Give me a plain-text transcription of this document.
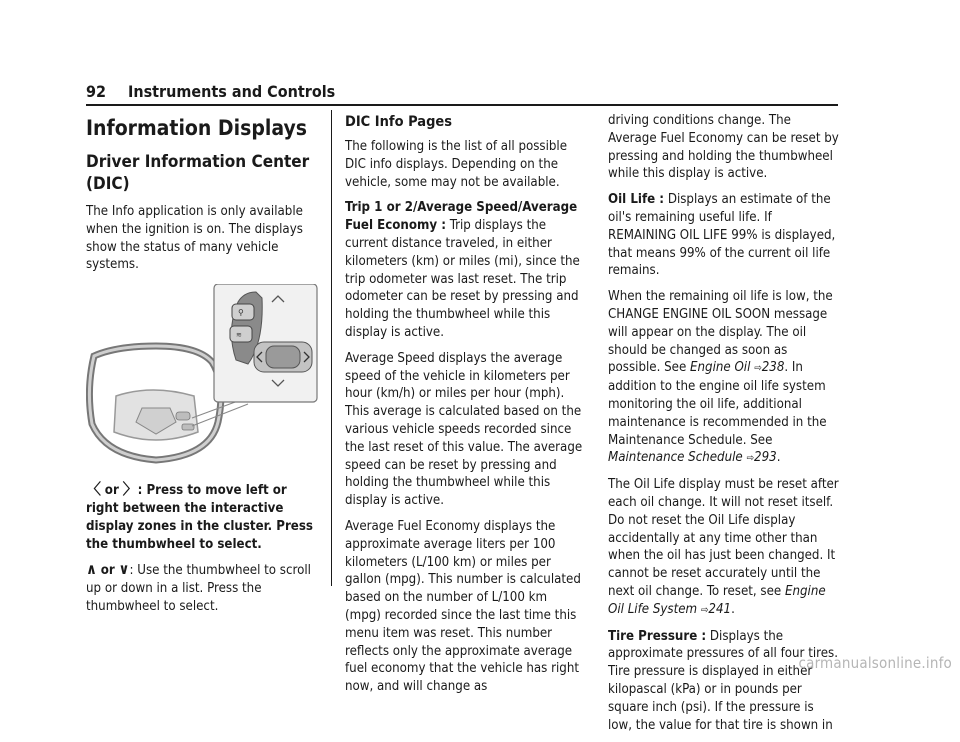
92 Instruments and Controls
Information Displays
Driver Information Center (DIC)

The Info application is only available when the ignition is on. The displays show the status of many vehicle systems.

⚲
≋

〈 or 〉: Press to move left or right between the interactive display zones in the cluster. Press the thumbwheel to select.

∧ or ∨: Use the thumbwheel to scroll up or down in a list. Press the thumbwheel to select.

DIC Info Pages

The following is the list of all possible DIC info displays. Depending on the vehicle, some may not be available.

Trip 1 or 2/Average Speed/Average Fuel Economy : Trip displays the current distance traveled, in either kilometers (km) or miles (mi), since the trip odometer was last reset. The trip odometer can be reset by pressing and holding the thumbwheel while this display is active.

Average Speed displays the average speed of the vehicle in kilometers per hour (km/h) or miles per hour (mph). This average is calculated based on the various vehicle speeds recorded since the last reset of this value. The average speed can be reset by pressing and holding the thumbwheel while this display is active.

Average Fuel Economy displays the approximate average liters per 100 kilometers (L/100 km) or miles per gallon (mpg). This number is calculated based on the number of L/100 km (mpg) recorded since the last time this menu item was reset. This number reflects only the approximate average fuel economy that the vehicle has right now, and will change as

driving conditions change. The Average Fuel Economy can be reset by pressing and holding the thumbwheel while this display is active.

Oil Life : Displays an estimate of the oil's remaining useful life. If REMAINING OIL LIFE 99% is displayed, that means 99% of the current oil life remains.

When the remaining oil life is low, the CHANGE ENGINE OIL SOON message will appear on the display. The oil should be changed as soon as possible. See Engine Oil ⇨238. In addition to the engine oil life system monitoring the oil life, additional maintenance is recommended in the Maintenance Schedule. See Maintenance Schedule ⇨293.

The Oil Life display must be reset after each oil change. It will not reset itself. Do not reset the Oil Life display accidentally at any time other than when the oil has just been changed. It cannot be reset accurately until the next oil change. To reset, see Engine Oil Life System ⇨241.

Tire Pressure : Displays the approximate pressures of all four tires. Tire pressure is displayed in either kilopascal (kPa) or in pounds per square inch (psi). If the pressure is low, the value for that tire is shown in

carmanualsonline.info
